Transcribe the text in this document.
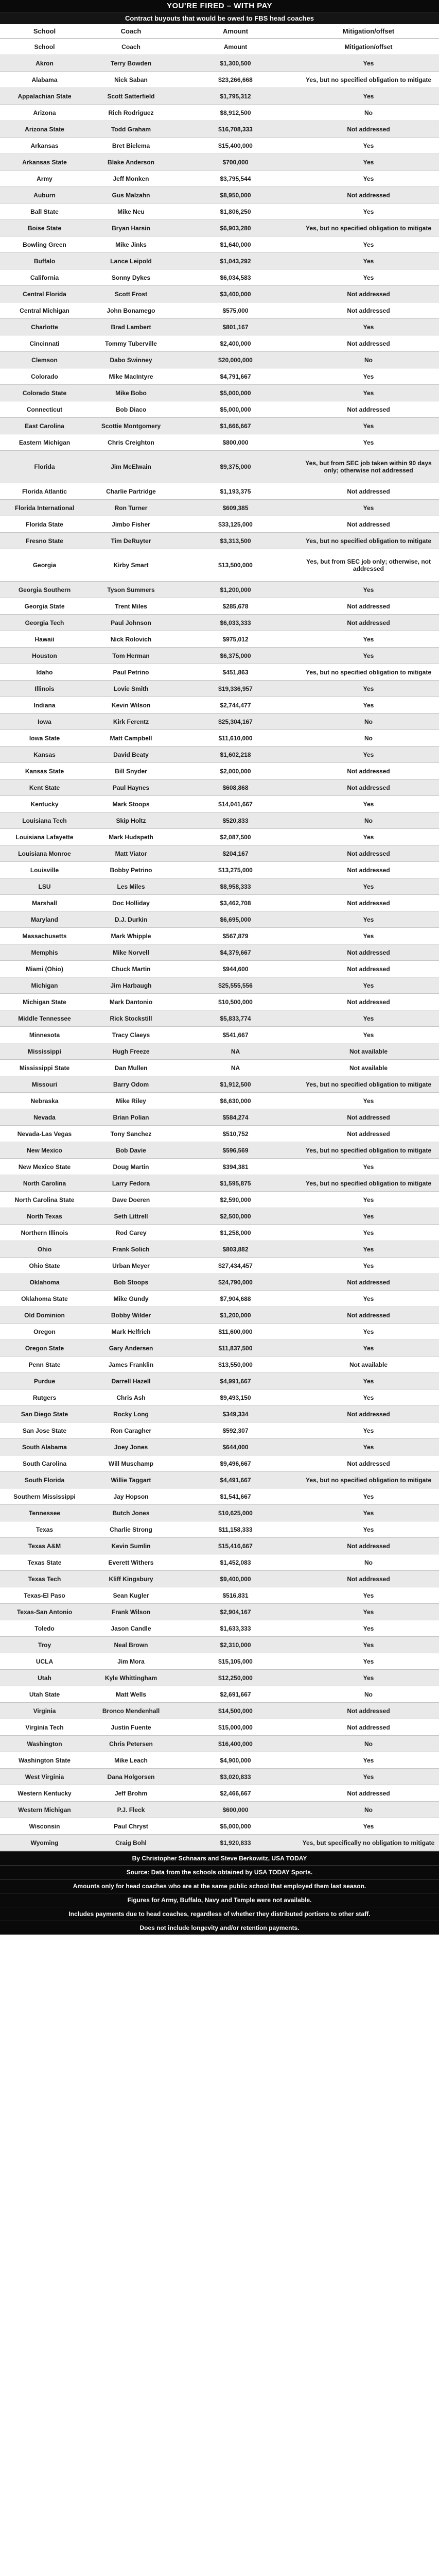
YOU'RE FIRED – WITH PAY
Contract buyouts that would be owed to FBS head coaches
School	Coach	Amount	Mitigation/offset
School	Coach	Amount	Mitigation/offset
Akron	Terry Bowden	$1,300,500	Yes
Alabama	Nick Saban	$23,266,668	Yes, but no specified obligation to mitigate
Appalachian State	Scott Satterfield	$1,795,312	Yes
Arizona	Rich Rodriguez	$8,912,500	No
Arizona State	Todd Graham	$16,708,333	Not addressed
Arkansas	Bret Bielema	$15,400,000	Yes
Arkansas State	Blake Anderson	$700,000	Yes
Army	Jeff Monken	$3,795,544	Yes
Auburn	Gus Malzahn	$8,950,000	Not addressed
Ball State	Mike Neu	$1,806,250	Yes
Boise State	Bryan Harsin	$6,903,280	Yes, but no specified obligation to mitigate
Bowling Green	Mike Jinks	$1,640,000	Yes
Buffalo	Lance Leipold	$1,043,292	Yes
California	Sonny Dykes	$6,034,583	Yes
Central Florida	Scott Frost	$3,400,000	Not addressed
Central Michigan	John Bonamego	$575,000	Not addressed
Charlotte	Brad Lambert	$801,167	Yes
Cincinnati	Tommy Tuberville	$2,400,000	Not addressed
Clemson	Dabo Swinney	$20,000,000	No
Colorado	Mike MacIntyre	$4,791,667	Yes
Colorado State	Mike Bobo	$5,000,000	Yes
Connecticut	Bob Diaco	$5,000,000	Not addressed
East Carolina	Scottie Montgomery	$1,666,667	Yes
Eastern Michigan	Chris Creighton	$800,000	Yes
Florida	Jim McElwain	$9,375,000	Yes, but from SEC job taken within 90 days only; otherwise not addressed
Florida Atlantic	Charlie Partridge	$1,193,375	Not addressed
Florida International	Ron Turner	$609,385	Yes
Florida State	Jimbo Fisher	$33,125,000	Not addressed
Fresno State	Tim DeRuyter	$3,313,500	Yes, but no specified obligation to mitigate
Georgia	Kirby Smart	$13,500,000	Yes, but from SEC job only; otherwise, not addressed
Georgia Southern	Tyson Summers	$1,200,000	Yes
Georgia State	Trent Miles	$285,678	Not addressed
Georgia Tech	Paul Johnson	$6,033,333	Not addressed
Hawaii	Nick Rolovich	$975,012	Yes
Houston	Tom Herman	$6,375,000	Yes
Idaho	Paul Petrino	$451,863	Yes, but no specified obligation to mitigate
Illinois	Lovie Smith	$19,336,957	Yes
Indiana	Kevin Wilson	$2,744,477	Yes
Iowa	Kirk Ferentz	$25,304,167	No
Iowa State	Matt Campbell	$11,610,000	No
Kansas	David Beaty	$1,602,218	Yes
Kansas State	Bill Snyder	$2,000,000	Not addressed
Kent State	Paul Haynes	$608,868	Not addressed
Kentucky	Mark Stoops	$14,041,667	Yes
Louisiana Tech	Skip Holtz	$520,833	No
Louisiana Lafayette	Mark Hudspeth	$2,087,500	Yes
Louisiana Monroe	Matt Viator	$204,167	Not addressed
Louisville	Bobby Petrino	$13,275,000	Not addressed
LSU	Les Miles	$8,958,333	Yes
Marshall	Doc Holliday	$3,462,708	Not addressed
Maryland	D.J. Durkin	$6,695,000	Yes
Massachusetts	Mark Whipple	$567,879	Yes
Memphis	Mike Norvell	$4,379,667	Not addressed
Miami (Ohio)	Chuck Martin	$944,600	Not addressed
Michigan	Jim Harbaugh	$25,555,556	Yes
Michigan State	Mark Dantonio	$10,500,000	Not addressed
Middle Tennessee	Rick Stockstill	$5,833,774	Yes
Minnesota	Tracy Claeys	$541,667	Yes
Mississippi	Hugh Freeze	NA	Not available
Mississippi State	Dan Mullen	NA	Not available
Missouri	Barry Odom	$1,912,500	Yes, but no specified obligation to mitigate
Nebraska	Mike Riley	$6,630,000	Yes
Nevada	Brian Polian	$584,274	Not addressed
Nevada-Las Vegas	Tony Sanchez	$510,752	Not addressed
New Mexico	Bob Davie	$596,569	Yes, but no specified obligation to mitigate
New Mexico State	Doug Martin	$394,381	Yes
North Carolina	Larry Fedora	$1,595,875	Yes, but no specified obligation to mitigate
North Carolina State	Dave Doeren	$2,590,000	Yes
North Texas	Seth Littrell	$2,500,000	Yes
Northern Illinois	Rod Carey	$1,258,000	Yes
Ohio	Frank Solich	$803,882	Yes
Ohio State	Urban Meyer	$27,434,457	Yes
Oklahoma	Bob Stoops	$24,790,000	Not addressed
Oklahoma State	Mike Gundy	$7,904,688	Yes
Old Dominion	Bobby Wilder	$1,200,000	Not addressed
Oregon	Mark Helfrich	$11,600,000	Yes
Oregon State	Gary Andersen	$11,837,500	Yes
Penn State	James Franklin	$13,550,000	Not available
Purdue	Darrell Hazell	$4,991,667	Yes
Rutgers	Chris Ash	$9,493,150	Yes
San Diego State	Rocky Long	$349,334	Not addressed
San Jose State	Ron Caragher	$592,307	Yes
South Alabama	Joey Jones	$644,000	Yes
South Carolina	Will Muschamp	$9,496,667	Not addressed
South Florida	Willie Taggart	$4,491,667	Yes, but no specified obligation to mitigate
Southern Mississippi	Jay Hopson	$1,541,667	Yes
Tennessee	Butch Jones	$10,625,000	Yes
Texas	Charlie Strong	$11,158,333	Yes
Texas A&M	Kevin Sumlin	$15,416,667	Not addressed
Texas State	Everett Withers	$1,452,083	No
Texas Tech	Kliff Kingsbury	$9,400,000	Not addressed
Texas-El Paso	Sean Kugler	$516,831	Yes
Texas-San Antonio	Frank Wilson	$2,904,167	Yes
Toledo	Jason Candle	$1,633,333	Yes
Troy	Neal Brown	$2,310,000	Yes
UCLA	Jim Mora	$15,105,000	Yes
Utah	Kyle Whittingham	$12,250,000	Yes
Utah State	Matt Wells	$2,691,667	No
Virginia	Bronco Mendenhall	$14,500,000	Not addressed
Virginia Tech	Justin Fuente	$15,000,000	Not addressed
Washington	Chris Petersen	$16,400,000	No
Washington State	Mike Leach	$4,900,000	Yes
West Virginia	Dana Holgorsen	$3,020,833	Yes
Western Kentucky	Jeff Brohm	$2,466,667	Not addressed
Western Michigan	P.J. Fleck	$600,000	No
Wisconsin	Paul Chryst	$5,000,000	Yes
Wyoming	Craig Bohl	$1,920,833	Yes, but specifically no obligation to mitigate
By Christopher Schnaars and Steve Berkowitz, USA TODAY
Source: Data from the schools obtained by USA TODAY Sports.
Amounts only for head coaches who are at the same public school that employed them last season.
Figures for Army, Buffalo, Navy and Temple were not available.
Includes payments due to head coaches, regardless of whether they distributed portions to other staff.
Does not include longevity and/or retention payments.
